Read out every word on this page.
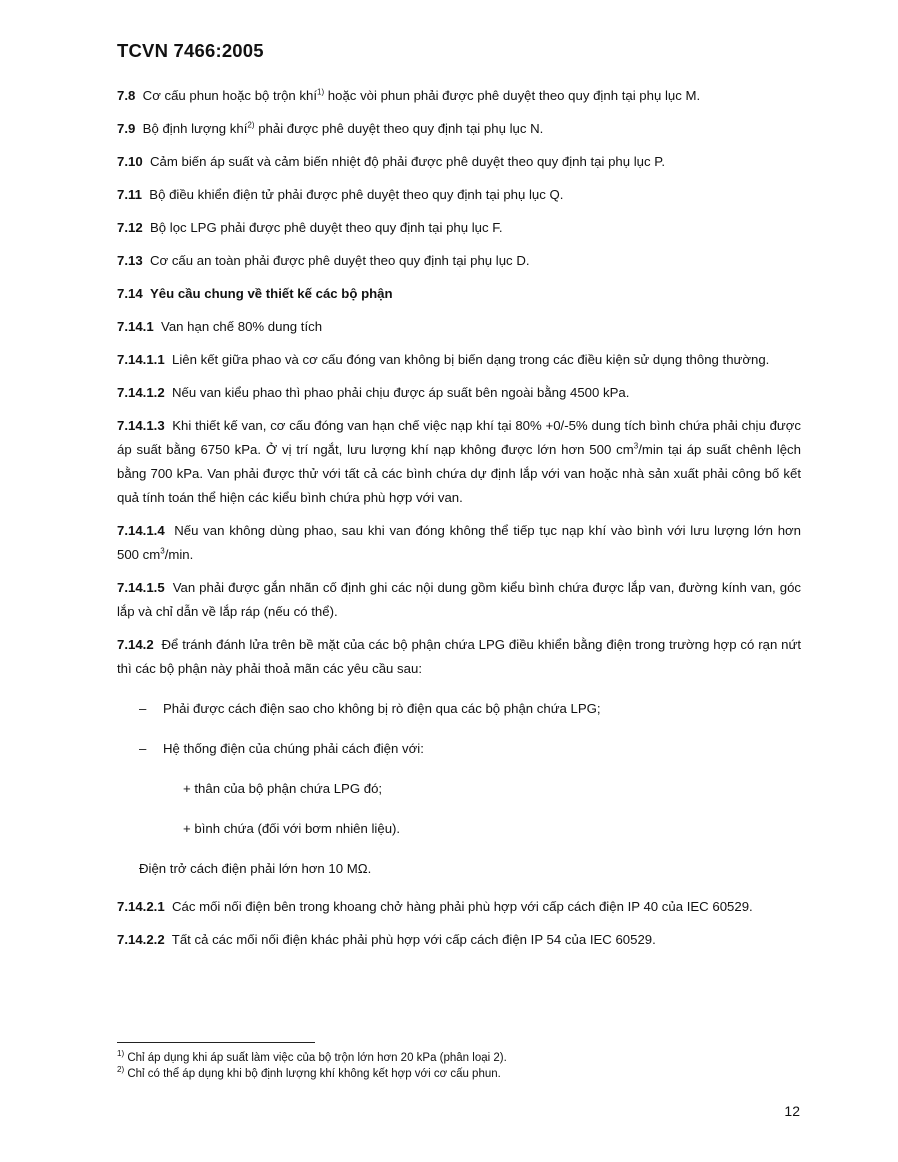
TCVN 7466:2005

7.8 Cơ cấu phun hoặc bộ trộn khí$^{1)}$ hoặc vòi phun phải được phê duyệt theo quy định tại phụ lục M.

7.9 Bộ định lượng khí$^{2)}$ phải được phê duyệt theo quy định tại phụ lục N.

7.10 Cảm biến áp suất và cảm biến nhiệt độ phải được phê duyệt theo quy định tại phụ lục P.

7.11 Bộ điều khiển điện tử phải được phê duyệt theo quy định tại phụ lục Q.

7.12 Bộ lọc LPG phải được phê duyệt theo quy định tại phụ lục F.

7.13 Cơ cấu an toàn phải được phê duyệt theo quy định tại phụ lục D.

7.14 Yêu cầu chung về thiết kế các bộ phận

7.14.1 Van hạn chế 80% dung tích

7.14.1.1 Liên kết giữa phao và cơ cấu đóng van không bị biến dạng trong các điều kiện sử dụng thông thường.

7.14.1.2 Nếu van kiểu phao thì phao phải chịu được áp suất bên ngoài bằng 4500 kPa.

7.14.1.3 Khi thiết kế van, cơ cấu đóng van hạn chế việc nạp khí tại 80% +0/-5% dung tích bình chứa phải chịu được áp suất bằng 6750 kPa. Ở vị trí ngắt, lưu lượng khí nạp không được lớn hơn 500 $cm^3/\min$ tại áp suất chênh lệch bằng 700 kPa. Van phải được thử với tất cả các bình chứa dự định lắp với van hoặc nhà sản xuất phải công bố kết quả tính toán thể hiện các kiểu bình chứa phù hợp với van.

7.14.1.4 Nếu van không dùng phao, sau khi van đóng không thể tiếp tục nạp khí vào bình với lưu lượng lớn hơn 500 $cm^3/\min$.

7.14.1.5 Van phải được gắn nhãn cố định ghi các nội dung gồm kiểu bình chứa được lắp van, đường kính van, góc lắp và chỉ dẫn về lắp ráp (nếu có thể).

7.14.2 Để tránh đánh lửa trên bề mặt của các bộ phận chứa LPG điều khiển bằng điện trong trường hợp có rạn nứt thì các bộ phận này phải thoả mãn các yêu cầu sau:

– Phải được cách điện sao cho không bị rò điện qua các bộ phận chứa LPG;

– Hệ thống điện của chúng phải cách điện với:

+ thân của bộ phận chứa LPG đó;

+ bình chứa (đối với bơm nhiên liệu).

Điện trở cách điện phải lớn hơn 10 MΩ.

7.14.2.1 Các mối nối điện bên trong khoang chở hàng phải phù hợp với cấp cách điện IP 40 của IEC 60529.

7.14.2.2 Tất cả các mối nối điện khác phải phù hợp với cấp cách điện IP 54 của IEC 60529.

$^{1)}$ Chỉ áp dụng khi áp suất làm việc của bộ trộn lớn hơn 20 kPa (phân loại 2).

$^{2)}$ Chỉ có thể áp dụng khi bộ định lượng khí không kết hợp với cơ cấu phun.

12
